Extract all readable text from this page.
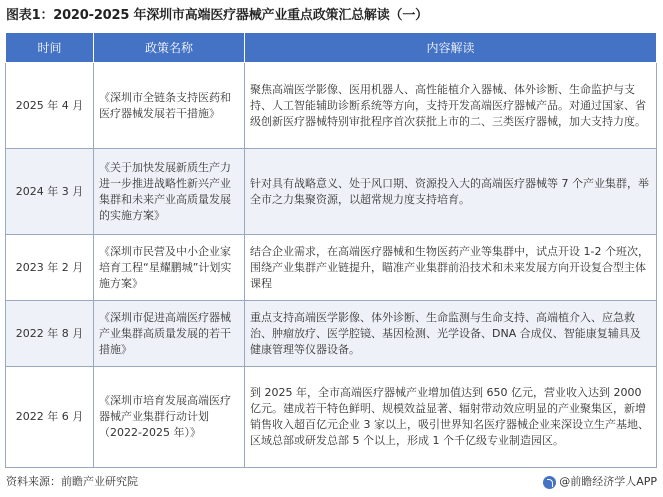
图表1：2020-2025 年深圳市高端医疗器械产业重点政策汇总解读（一）
时间	政策名称	内容解读
2025 年 4 月	《深圳市全链条支持医药和医疗器械发展若干措施》	聚焦高端医学影像、医用机器人、高性能植介入器械、体外诊断、生命监护与支持、人工智能辅助诊断系统等方向，支持开发高端医疗器械产品。对通过国家、省级创新医疗器械特别审批程序首次获批上市的二、三类医疗器械，加大支持力度。
2024 年 3 月	《关于加快发展新质生产力进一步推进战略性新兴产业集群和未来产业高质量发展的实施方案》	针对具有战略意义、处于风口期、资源投入大的高端医疗器械等 7 个产业集群，举全市之力集聚资源，以超常规力度支持培育。
2023 年 2 月	《深圳市民营及中小企业家培育工程“星耀鹏城”计划实施方案》	结合企业需求，在高端医疗器械和生物医药产业等集群中，试点开设 1-2 个班次，围绕产业集群产业链提升，瞄准产业集群前沿技术和未来发展方向开设复合型主体课程
2022 年 8 月	《深圳市促进高端医疗器械产业集群高质量发展的若干措施》	重点支持高端医学影像、体外诊断、生命监测与生命支持、高端植介入、应急救治、肿瘤放疗、医学腔镜、基因检测、光学设备、DNA 合成仪、智能康复辅具及健康管理等仪器设备。
2022 年 6 月	《深圳市培育发展高端医疗器械产业集群行动计划（2022-2025 年）》	到 2025 年，全市高端医疗器械产业增加值达到 650 亿元，营业收入达到 2000 亿元。建成若干特色鲜明、规模效益显著、辐射带动效应明显的产业聚集区，新增销售收入超百亿元企业 3 家以上，吸引世界知名医疗器械企业来深设立生产基地、区域总部或研发总部 5 个以上，形成 1 个千亿级专业制造园区。
资料来源：前瞻产业研究院	@前瞻经济学人APP
